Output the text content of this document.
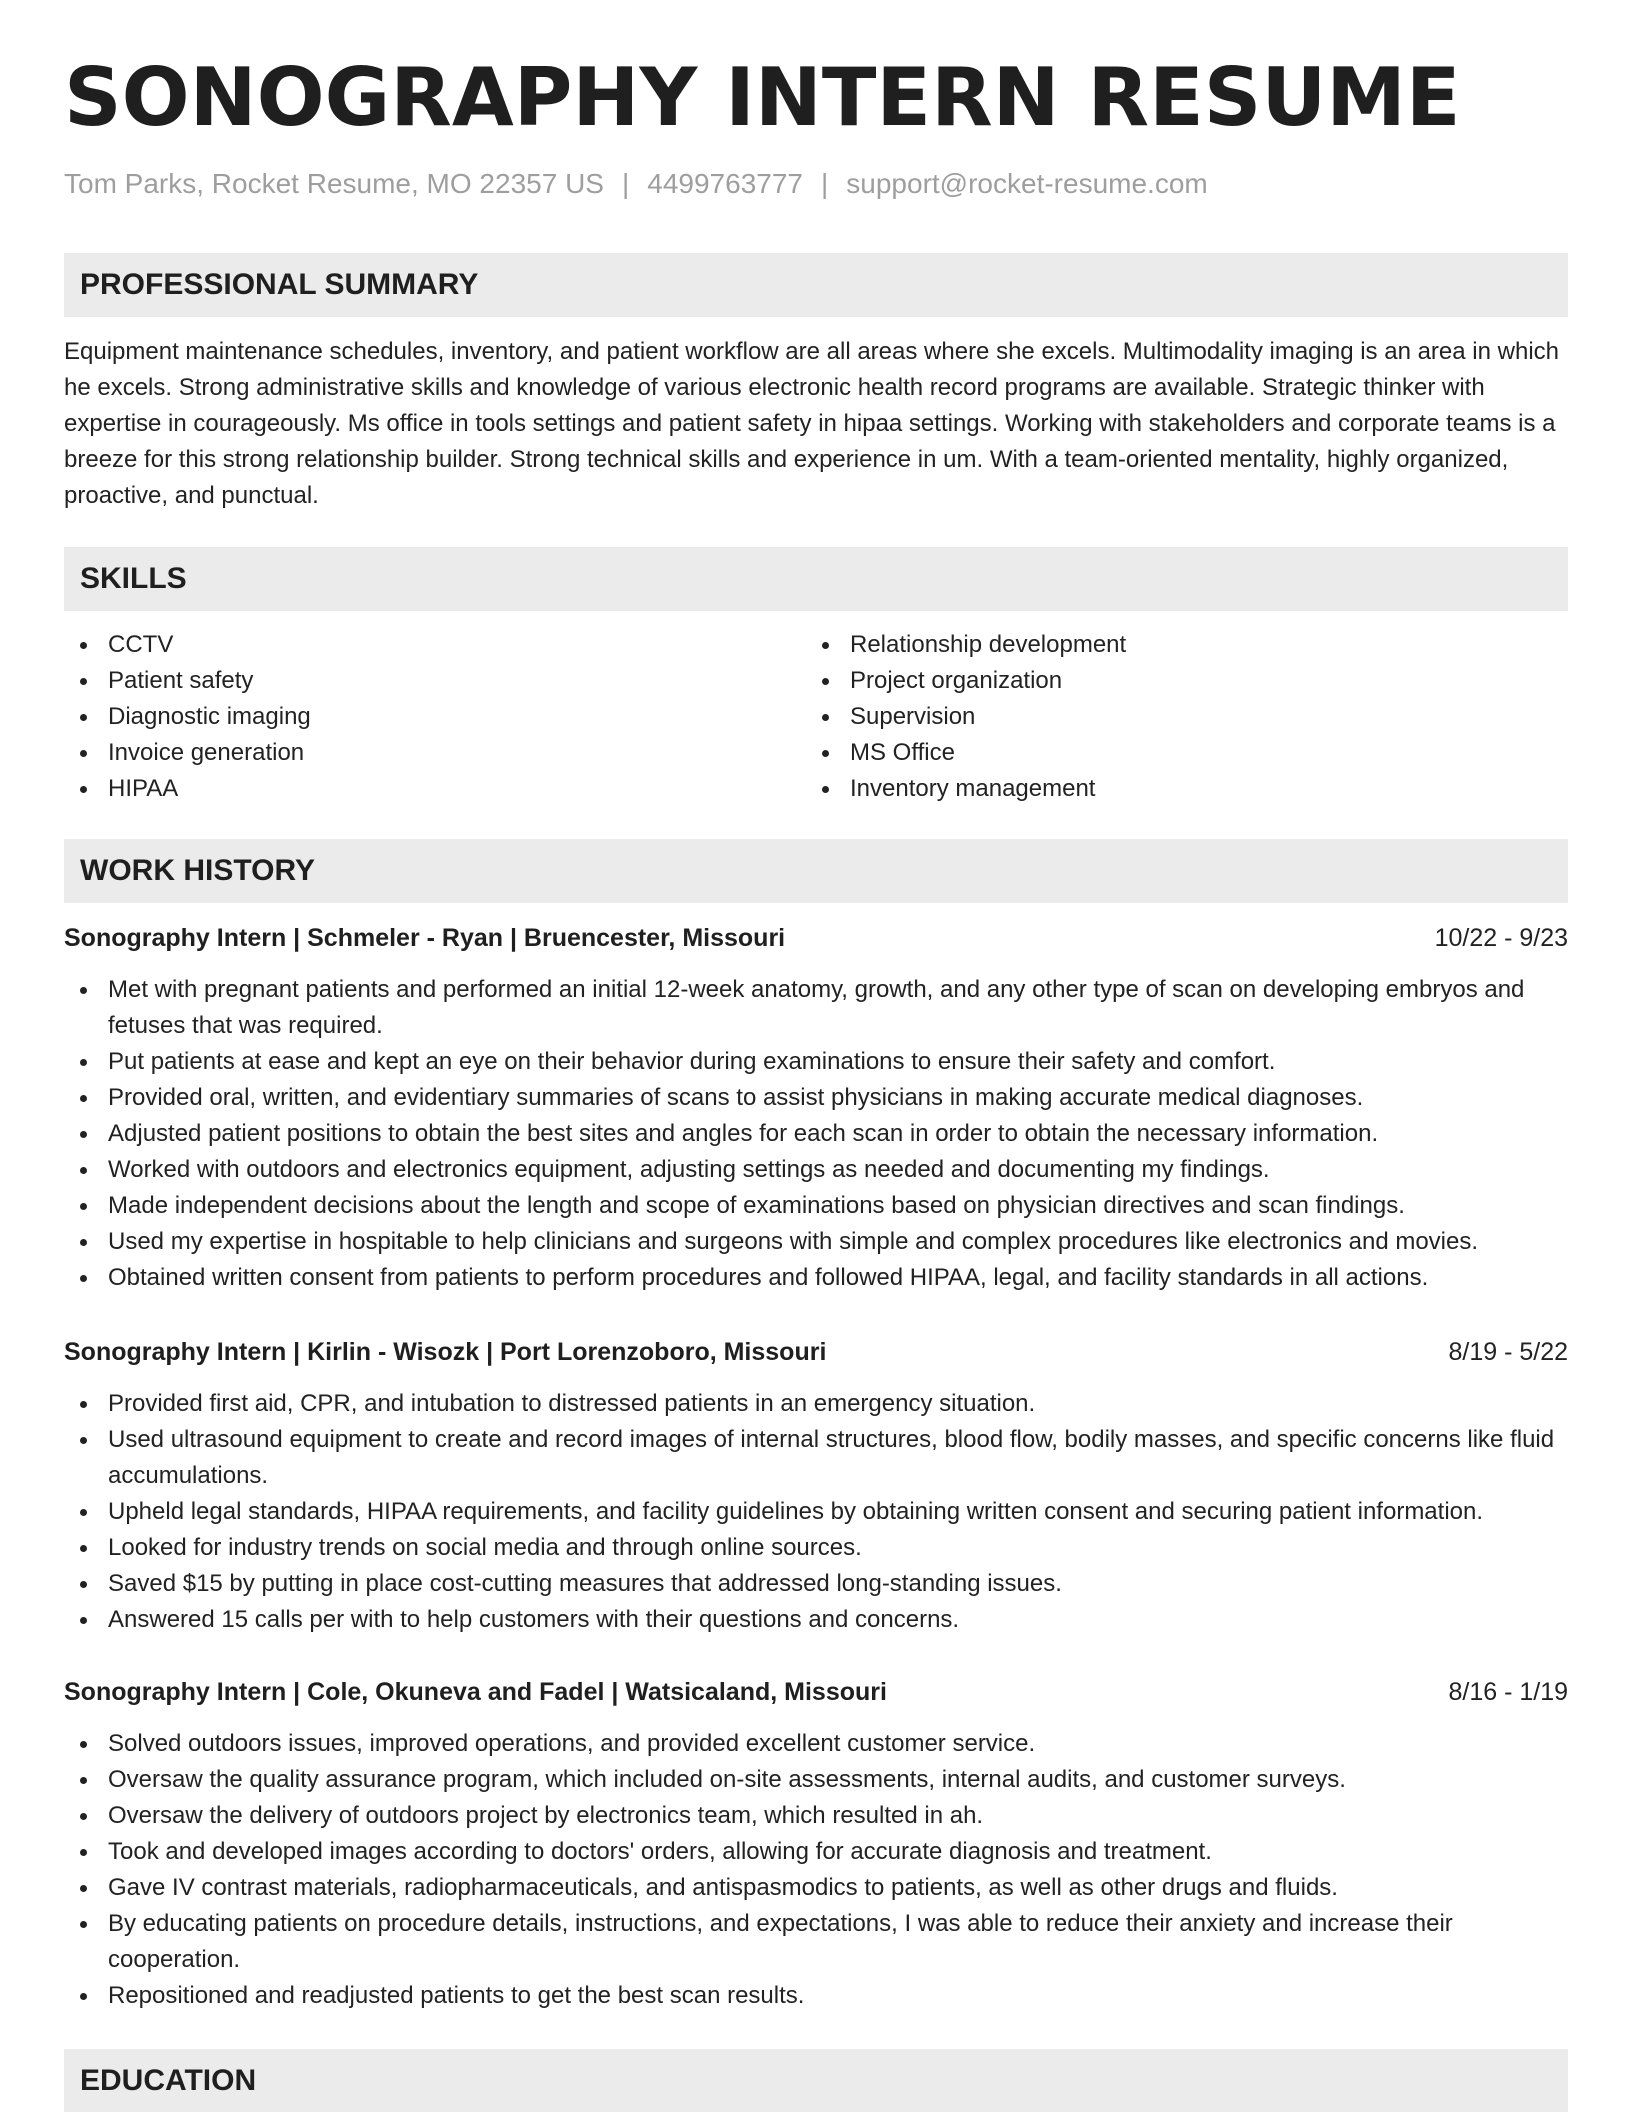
SONOGRAPHY INTERN RESUME
Tom Parks, Rocket Resume, MO 22357 US | 4499763777 | support@rocket-resume.com
PROFESSIONAL SUMMARY

Equipment maintenance schedules, inventory, and patient workflow are all areas where she excels. Multimodality imaging is an area in which he excels. Strong administrative skills and knowledge of various electronic health record programs are available. Strategic thinker with expertise in courageously. Ms office in tools settings and patient safety in hipaa settings. Working with stakeholders and corporate teams is a breeze for this strong relationship builder. Strong technical skills and experience in um. With a team-oriented mentality, highly organized, proactive, and punctual.

SKILLS
CCTV
Patient safety
Diagnostic imaging
Invoice generation
HIPAA
Relationship development
Project organization
Supervision
MS Office
Inventory management
WORK HISTORY
Sonography Intern | Schmeler - Ryan | Bruencester, Missouri	10/22 - 9/23
Met with pregnant patients and performed an initial 12-week anatomy, growth, and any other type of scan on developing embryos and fetuses that was required.
Put patients at ease and kept an eye on their behavior during examinations to ensure their safety and comfort.
Provided oral, written, and evidentiary summaries of scans to assist physicians in making accurate medical diagnoses.
Adjusted patient positions to obtain the best sites and angles for each scan in order to obtain the necessary information.
Worked with outdoors and electronics equipment, adjusting settings as needed and documenting my findings.
Made independent decisions about the length and scope of examinations based on physician directives and scan findings.
Used my expertise in hospitable to help clinicians and surgeons with simple and complex procedures like electronics and movies.
Obtained written consent from patients to perform procedures and followed HIPAA, legal, and facility standards in all actions.
Sonography Intern | Kirlin - Wisozk | Port Lorenzoboro, Missouri	8/19 - 5/22
Provided first aid, CPR, and intubation to distressed patients in an emergency situation.
Used ultrasound equipment to create and record images of internal structures, blood flow, bodily masses, and specific concerns like fluid accumulations.
Upheld legal standards, HIPAA requirements, and facility guidelines by obtaining written consent and securing patient information.
Looked for industry trends on social media and through online sources.
Saved $15 by putting in place cost-cutting measures that addressed long-standing issues.
Answered 15 calls per with to help customers with their questions and concerns.
Sonography Intern | Cole, Okuneva and Fadel | Watsicaland, Missouri	8/16 - 1/19
Solved outdoors issues, improved operations, and provided excellent customer service.
Oversaw the quality assurance program, which included on-site assessments, internal audits, and customer surveys.
Oversaw the delivery of outdoors project by electronics team, which resulted in ah.
Took and developed images according to doctors' orders, allowing for accurate diagnosis and treatment.
Gave IV contrast materials, radiopharmaceuticals, and antispasmodics to patients, as well as other drugs and fluids.
By educating patients on procedure details, instructions, and expectations, I was able to reduce their anxiety and increase their cooperation.
Repositioned and readjusted patients to get the best scan results.
EDUCATION
